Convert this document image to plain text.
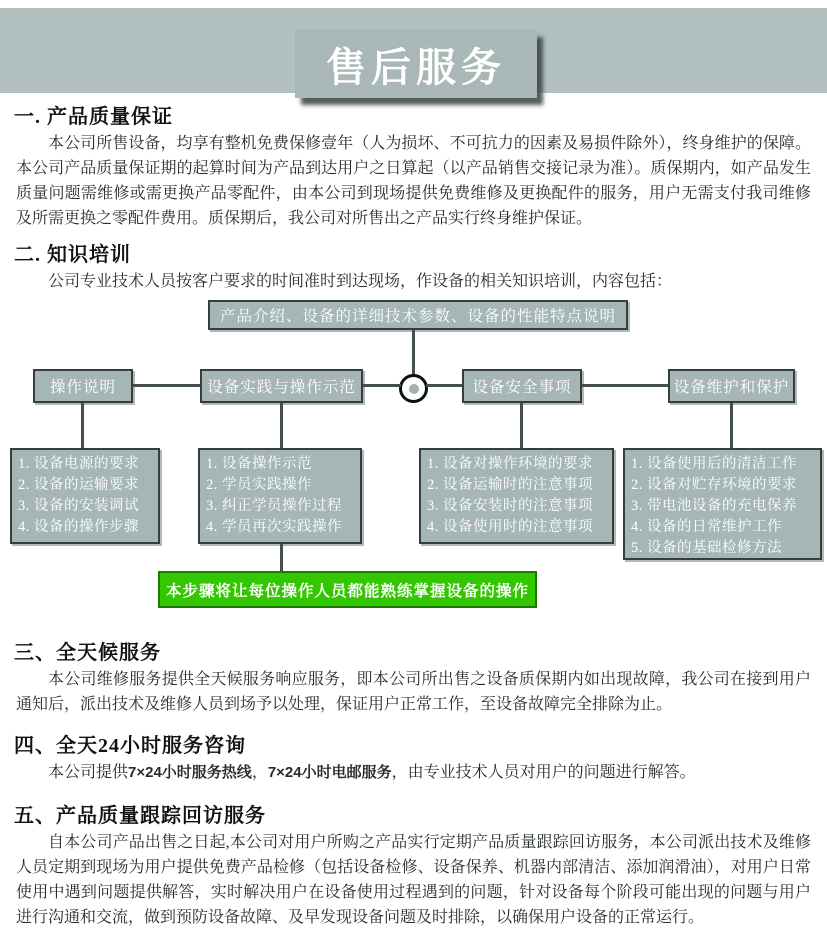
售后服务
一. 产品质量保证

本公司所售设备，均享有整机免费保修壹年（人为损坏、不可抗力的因素及易损件除外），终身维护的保障。本公司产品质量保证期的起算时间为产品到达用户之日算起（以产品销售交接记录为准）。质保期内，如产品发生质量问题需维修或需更换产品零配件，由本公司到现场提供免费维修及更换配件的服务，用户无需支付我司维修及所需更换之零配件费用。质保期后，我公司对所售出之产品实行终身维护保证。

二. 知识培训

公司专业技术人员按客户要求的时间准时到达现场，作设备的相关知识培训，内容包括：

产品介绍、设备的详细技术参数、设备的性能特点说明
操作说明	设备实践与操作示范	设备安全事项	设备维护和保护
1. 设备电源的要求
2. 设备的运输要求
3. 设备的安装调试
4. 设备的操作步骤
1. 设备操作示范
2. 学员实践操作
3. 纠正学员操作过程
4. 学员再次实践操作
1. 设备对操作环境的要求
2. 设备运输时的注意事项
3. 设备安装时的注意事项
4. 设备使用时的注意事项
1. 设备使用后的清洁工作
2. 设备对贮存环境的要求
3. 带电池设备的充电保养
4. 设备的日常维护工作
5. 设备的基础检修方法
本步骤将让每位操作人员都能熟练掌握设备的操作
三、全天候服务

本公司维修服务提供全天候服务响应服务，即本公司所出售之设备质保期内如出现故障，我公司在接到用户通知后，派出技术及维修人员到场予以处理，保证用户正常工作，至设备故障完全排除为止。

四、全天24小时服务咨询

本公司提供7×24小时服务热线，7×24小时电邮服务，由专业技术人员对用户的问题进行解答。

五、产品质量跟踪回访服务

自本公司产品出售之日起,本公司对用户所购之产品实行定期产品质量跟踪回访服务，本公司派出技术及维修人员定期到现场为用户提供免费产品检修（包括设备检修、设备保养、机器内部清洁、添加润滑油），对用户日常使用中遇到问题提供解答，实时解决用户在设备使用过程遇到的问题，针对设备每个阶段可能出现的问题与用户进行沟通和交流，做到预防设备故障、及早发现设备问题及时排除，以确保用户设备的正常运行。
